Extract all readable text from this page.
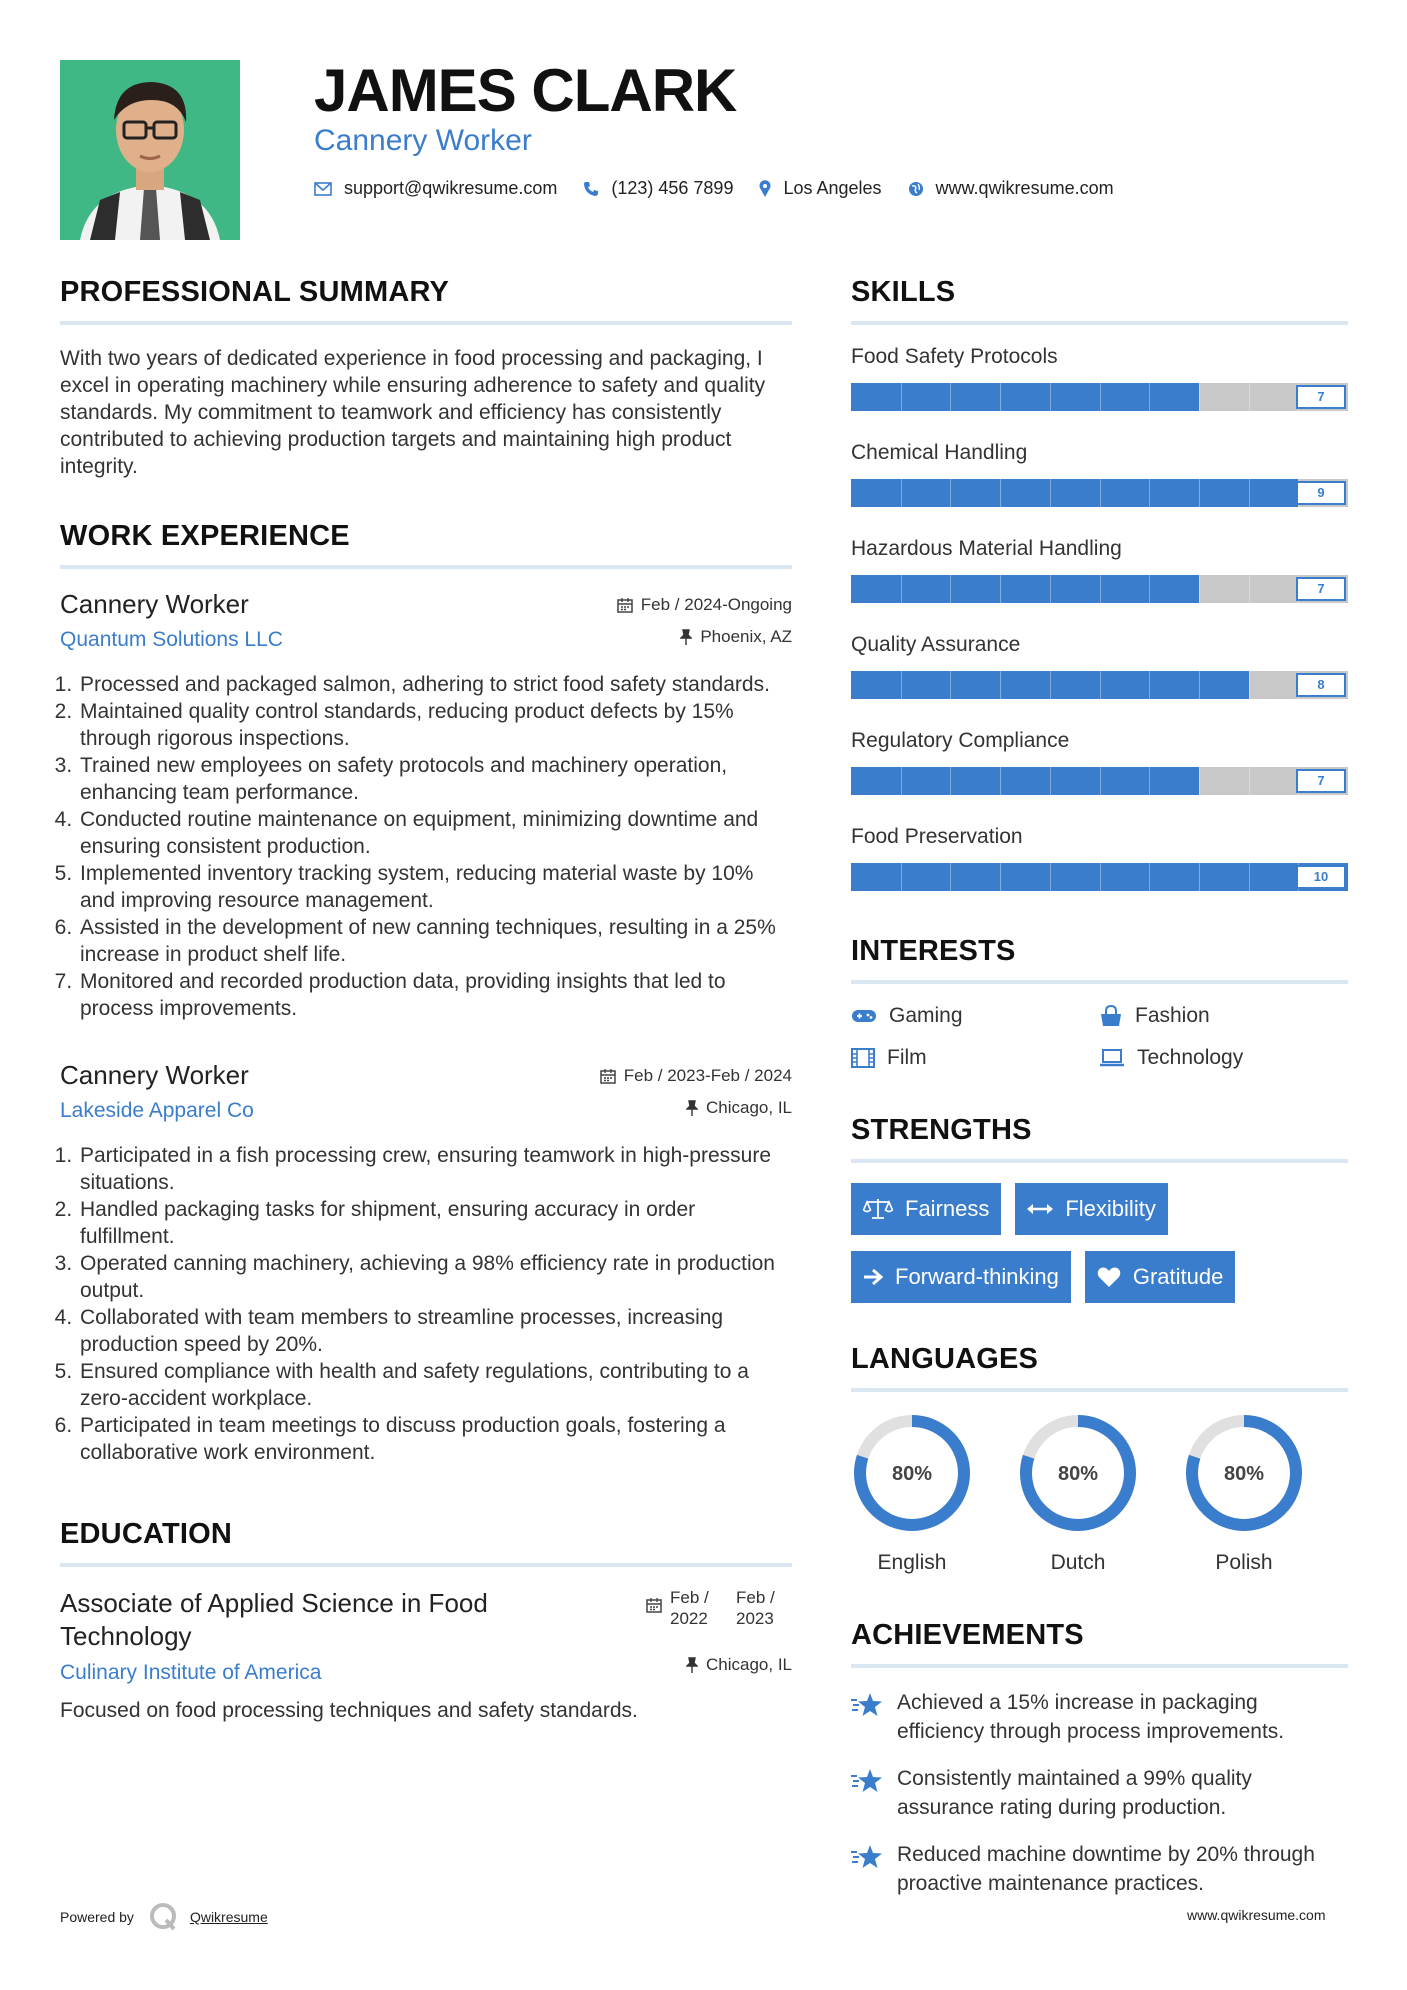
JAMES CLARK
Cannery Worker
support@qwikresume.com	(123) 456 7899	Los Angeles	www.qwikresume.com
PROFESSIONAL SUMMARY
With two years of dedicated experience in food processing and packaging, I excel in operating machinery while ensuring adherence to safety and quality standards. My commitment to teamwork and efficiency has consistently contributed to achieving production targets and maintaining high product integrity.
WORK EXPERIENCE
Cannery Worker
Quantum Solutions LLC
Feb / 2024-Ongoing
Phoenix, AZ
1. Processed and packaged salmon, adhering to strict food safety standards.
2. Maintained quality control standards, reducing product defects by 15% through rigorous inspections.
3. Trained new employees on safety protocols and machinery operation, enhancing team performance.
4. Conducted routine maintenance on equipment, minimizing downtime and ensuring consistent production.
5. Implemented inventory tracking system, reducing material waste by 10% and improving resource management.
6. Assisted in the development of new canning techniques, resulting in a 25% increase in product shelf life.
7. Monitored and recorded production data, providing insights that led to process improvements.
Cannery Worker
Lakeside Apparel Co
Feb / 2023-Feb / 2024
Chicago, IL
1. Participated in a fish processing crew, ensuring teamwork in high-pressure situations.
2. Handled packaging tasks for shipment, ensuring accuracy in order fulfillment.
3. Operated canning machinery, achieving a 98% efficiency rate in production output.
4. Collaborated with team members to streamline processes, increasing production speed by 20%.
5. Ensured compliance with health and safety regulations, contributing to a zero-accident workplace.
6. Participated in team meetings to discuss production goals, fostering a collaborative work environment.
EDUCATION
Associate of Applied Science in Food Technology
Culinary Institute of America
Feb / 2022
Feb / 2023
Chicago, IL
Focused on food processing techniques and safety standards.
SKILLS
Food Safety Protocols
7
Chemical Handling
9
Hazardous Material Handling
7
Quality Assurance
8
Regulatory Compliance
7
Food Preservation
10
INTERESTS
Gaming	Fashion
Film	Technology
STRENGTHS
Fairness	Flexibility
Forward-thinking	Gratitude
LANGUAGES
80%
English
80%
Dutch
80%
Polish
ACHIEVEMENTS
Achieved a 15% increase in packaging efficiency through process improvements.
Consistently maintained a 99% quality assurance rating during production.
Reduced machine downtime by 20% through proactive maintenance practices.
Powered by	Qwikresume	www.qwikresume.com
